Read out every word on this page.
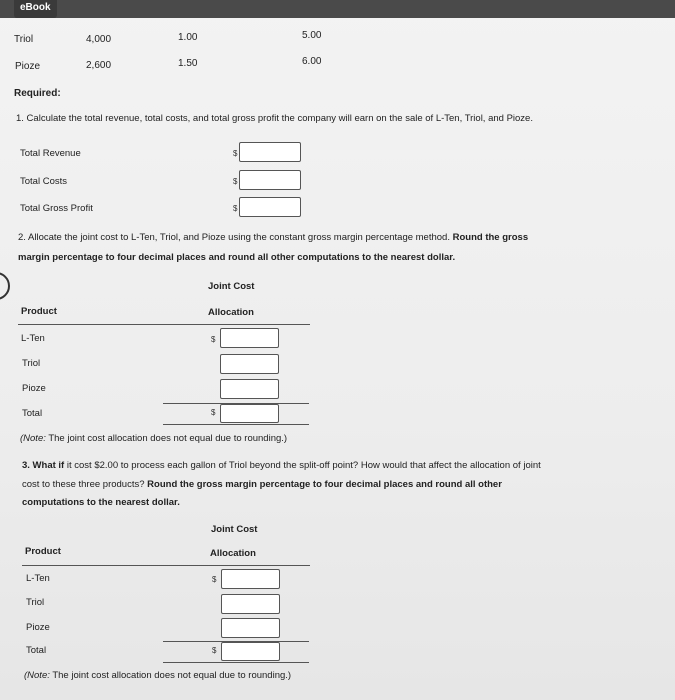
eBook
Triol	4,000	1.00	5.00
Pioze	2,600	1.50	6.00
Required:
1. Calculate the total revenue, total costs, and total gross profit the company will earn on the sale of L-Ten, Triol, and Pioze.
Total Revenue	$
Total Costs	$
Total Gross Profit	$
2. Allocate the joint cost to L-Ten, Triol, and Pioze using the constant gross margin percentage method. Round the gross
margin percentage to four decimal places and round all other computations to the nearest dollar.
Joint Cost
Product	Allocation
L-Ten	$
Triol
Pioze
Total	$
(Note: The joint cost allocation does not equal due to rounding.)
3. What if it cost $2.00 to process each gallon of Triol beyond the split-off point? How would that affect the allocation of joint
cost to these three products? Round the gross margin percentage to four decimal places and round all other
computations to the nearest dollar.
Joint Cost
Product	Allocation
L-Ten	$
Triol
Pioze
Total	$
(Note: The joint cost allocation does not equal due to rounding.)
